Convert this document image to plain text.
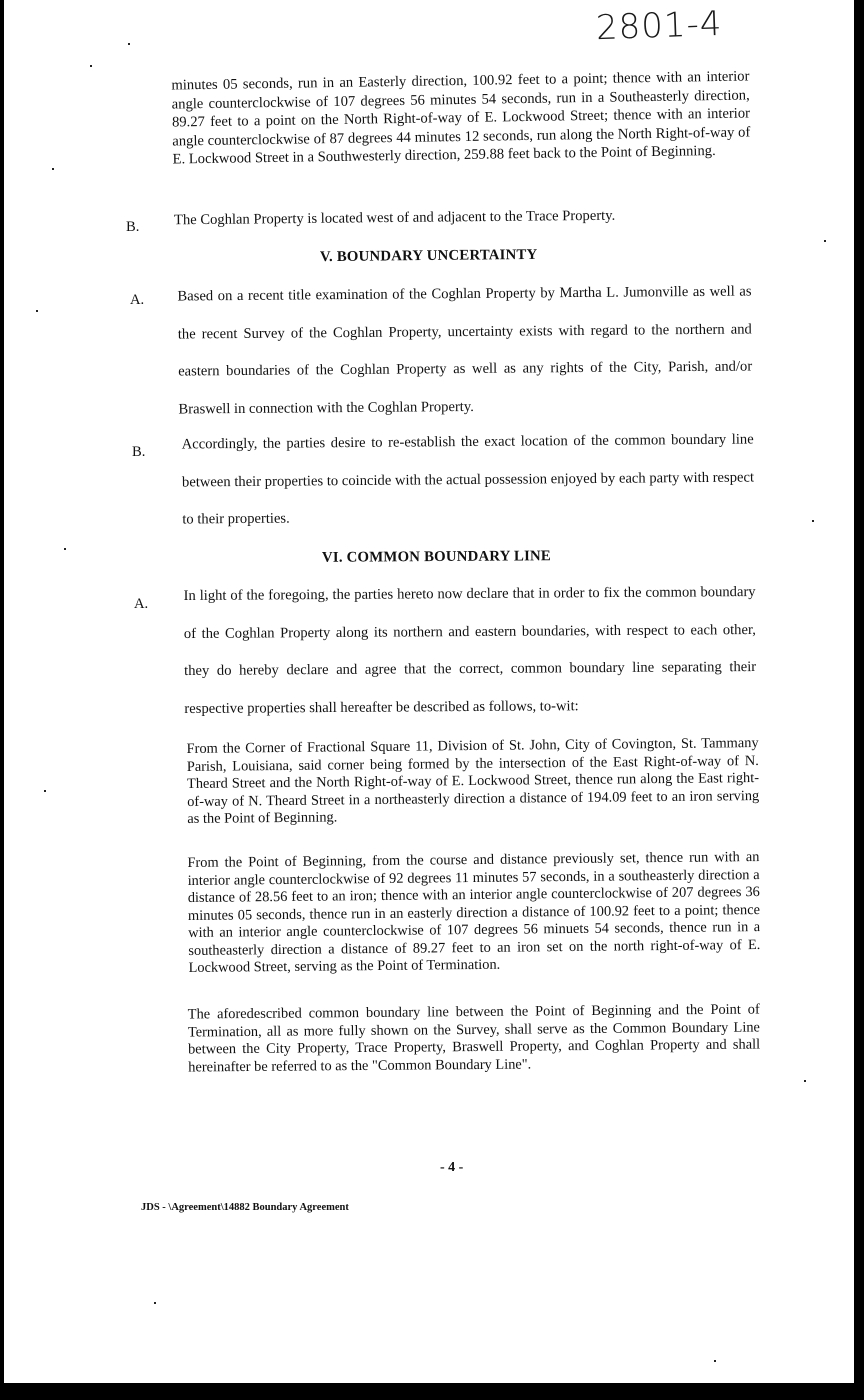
2801-4

minutes 05 seconds, run in an Easterly direction, 100.92 feet to a point; thence with an interior angle counterclockwise of 107 degrees 56 minutes 54 seconds, run in a Southeasterly direction, 89.27 feet to a point on the North Right-of-way of E. Lockwood Street; thence with an interior angle counterclockwise of 87 degrees 44 minutes 12 seconds, run along the North Right-of-way of E. Lockwood Street in a Southwesterly direction, 259.88 feet back to the Point of Beginning.

B. The Coghlan Property is located west of and adjacent to the Trace Property.
V. BOUNDARY UNCERTAINTY
A. Based on a recent title examination of the Coghlan Property by Martha L. Jumonville as well as the recent Survey of the Coghlan Property, uncertainty exists with regard to the northern and eastern boundaries of the Coghlan Property as well as any rights of the City, Parish, and/or Braswell in connection with the Coghlan Property.
B. Accordingly, the parties desire to re-establish the exact location of the common boundary line between their properties to coincide with the actual possession enjoyed by each party with respect to their properties.
VI. COMMON BOUNDARY LINE
A.
In light of the foregoing, the parties hereto now declare that in order to fix the common boundary of the Coghlan Property along its northern and eastern boundaries, with respect to each other, they do hereby declare and agree that the correct, common boundary line separating their respective properties shall hereafter be described as follows, to-wit:
From the Corner of Fractional Square 11, Division of St. John, City of Covington, St. Tammany Parish, Louisiana, said corner being formed by the intersection of the East Right-of-way of N. Theard Street and the North Right-of-way of E. Lockwood Street, thence run along the East right-of-way of N. Theard Street in a northeasterly direction a distance of 194.09 feet to an iron serving as the Point of Beginning.
From the Point of Beginning, from the course and distance previously set, thence run with an interior angle counterclockwise of 92 degrees 11 minutes 57 seconds, in a southeasterly direction a distance of 28.56 feet to an iron; thence with an interior angle counterclockwise of 207 degrees 36 minutes 05 seconds, thence run in an easterly direction a distance of 100.92 feet to a point; thence with an interior angle counterclockwise of 107 degrees 56 minuets 54 seconds, thence run in a southeasterly direction a distance of 89.27 feet to an iron set on the north right-of-way of E. Lockwood Street, serving as the Point of Termination.
The aforedescribed common boundary line between the Point of Beginning and the Point of Termination, all as more fully shown on the Survey, shall serve as the Common Boundary Line between the City Property, Trace Property, Braswell Property, and Coghlan Property and shall hereinafter be referred to as the "Common Boundary Line".
- 4 -
JDS - \Agreement\14882 Boundary Agreement
